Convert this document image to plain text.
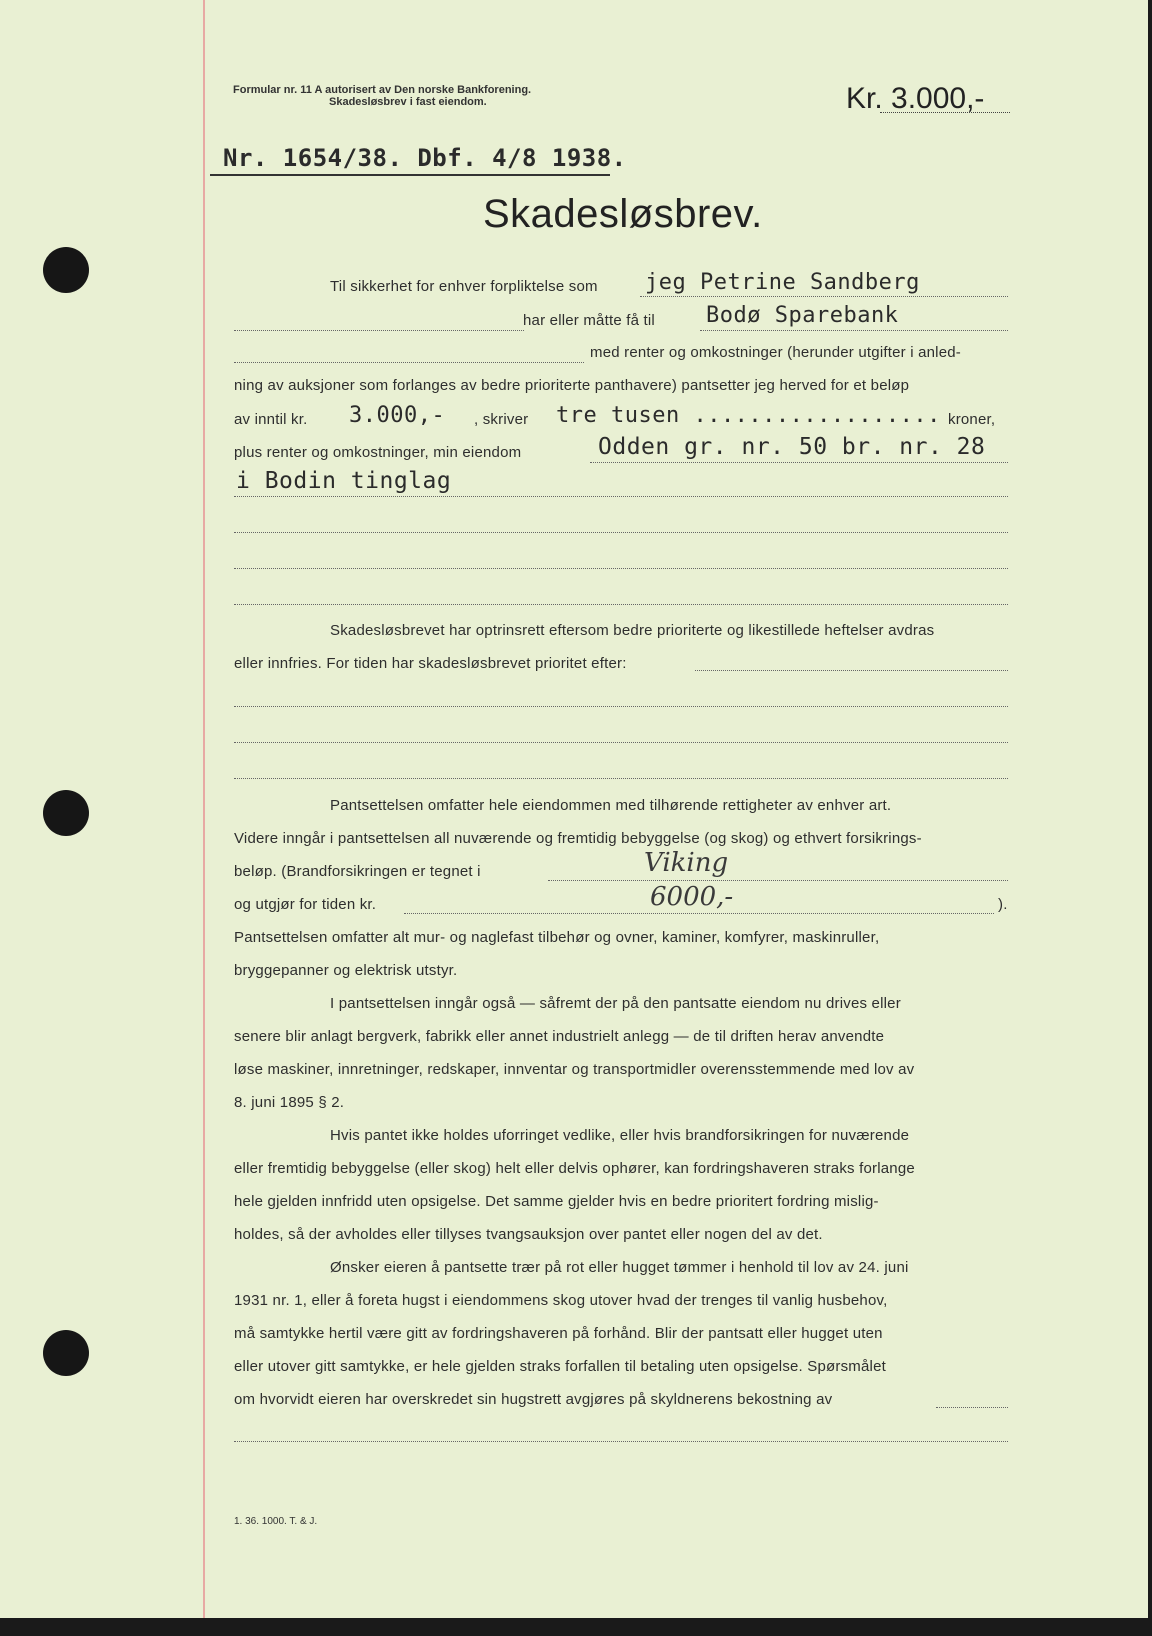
Formular nr. 11 A autorisert av Den norske Bankforening.
Skadesløsbrev i fast eiendom.	Kr. 3.000,-
Nr. 1654/38. Dbf. 4/8 1938.
Skadesløsbrev.
Til sikkerhet for enhver forpliktelse som jeg Petrine Sandberg
har eller måtte få til Bodø Sparebank
med renter og omkostninger (herunder utgifter i anled-
ning av auksjoner som forlanges av bedre prioriterte panthavere) pantsetter jeg herved for et beløp
av inntil kr. 3.000,- , skriver tre tusen .................. kroner,
plus renter og omkostninger, min eiendom	Odden gr. nr. 50 br. nr. 28
i Bodin tinglag
Skadesløsbrevet har optrinsrett eftersom bedre prioriterte og likestillede heftelser avdras
eller innfries. For tiden har skadesløsbrevet prioritet efter:
Pantsettelsen omfatter hele eiendommen med tilhørende rettigheter av enhver art.
Videre inngår i pantsettelsen all nuværende og fremtidig bebyggelse (og skog) og ethvert forsikrings-
beløp. (Brandforsikringen er tegnet i	Viking
og utgjør for tiden kr.	6000,-	).
Pantsettelsen omfatter alt mur- og naglefast tilbehør og ovner, kaminer, komfyrer, maskinruller,
bryggepanner og elektrisk utstyr.
I pantsettelsen inngår også — såfremt der på den pantsatte eiendom nu drives eller
senere blir anlagt bergverk, fabrikk eller annet industrielt anlegg — de til driften herav anvendte
løse maskiner, innretninger, redskaper, innventar og transportmidler overensstemmende med lov av
8. juni 1895 § 2.
Hvis pantet ikke holdes uforringet vedlike, eller hvis brandforsikringen for nuværende
eller fremtidig bebyggelse (eller skog) helt eller delvis ophører, kan fordringshaveren straks forlange
hele gjelden innfridd uten opsigelse. Det samme gjelder hvis en bedre prioritert fordring mislig-
holdes, så der avholdes eller tillyses tvangsauksjon over pantet eller nogen del av det.
Ønsker eieren å pantsette trær på rot eller hugget tømmer i henhold til lov av 24. juni
1931 nr. 1, eller å foreta hugst i eiendommens skog utover hvad der trenges til vanlig husbehov,
må samtykke hertil være gitt av fordringshaveren på forhånd. Blir der pantsatt eller hugget uten
eller utover gitt samtykke, er hele gjelden straks forfallen til betaling uten opsigelse. Spørsmålet
om hvorvidt eieren har overskredet sin hugstrett avgjøres på skyldnerens bekostning av
1. 36. 1000. T. & J.
